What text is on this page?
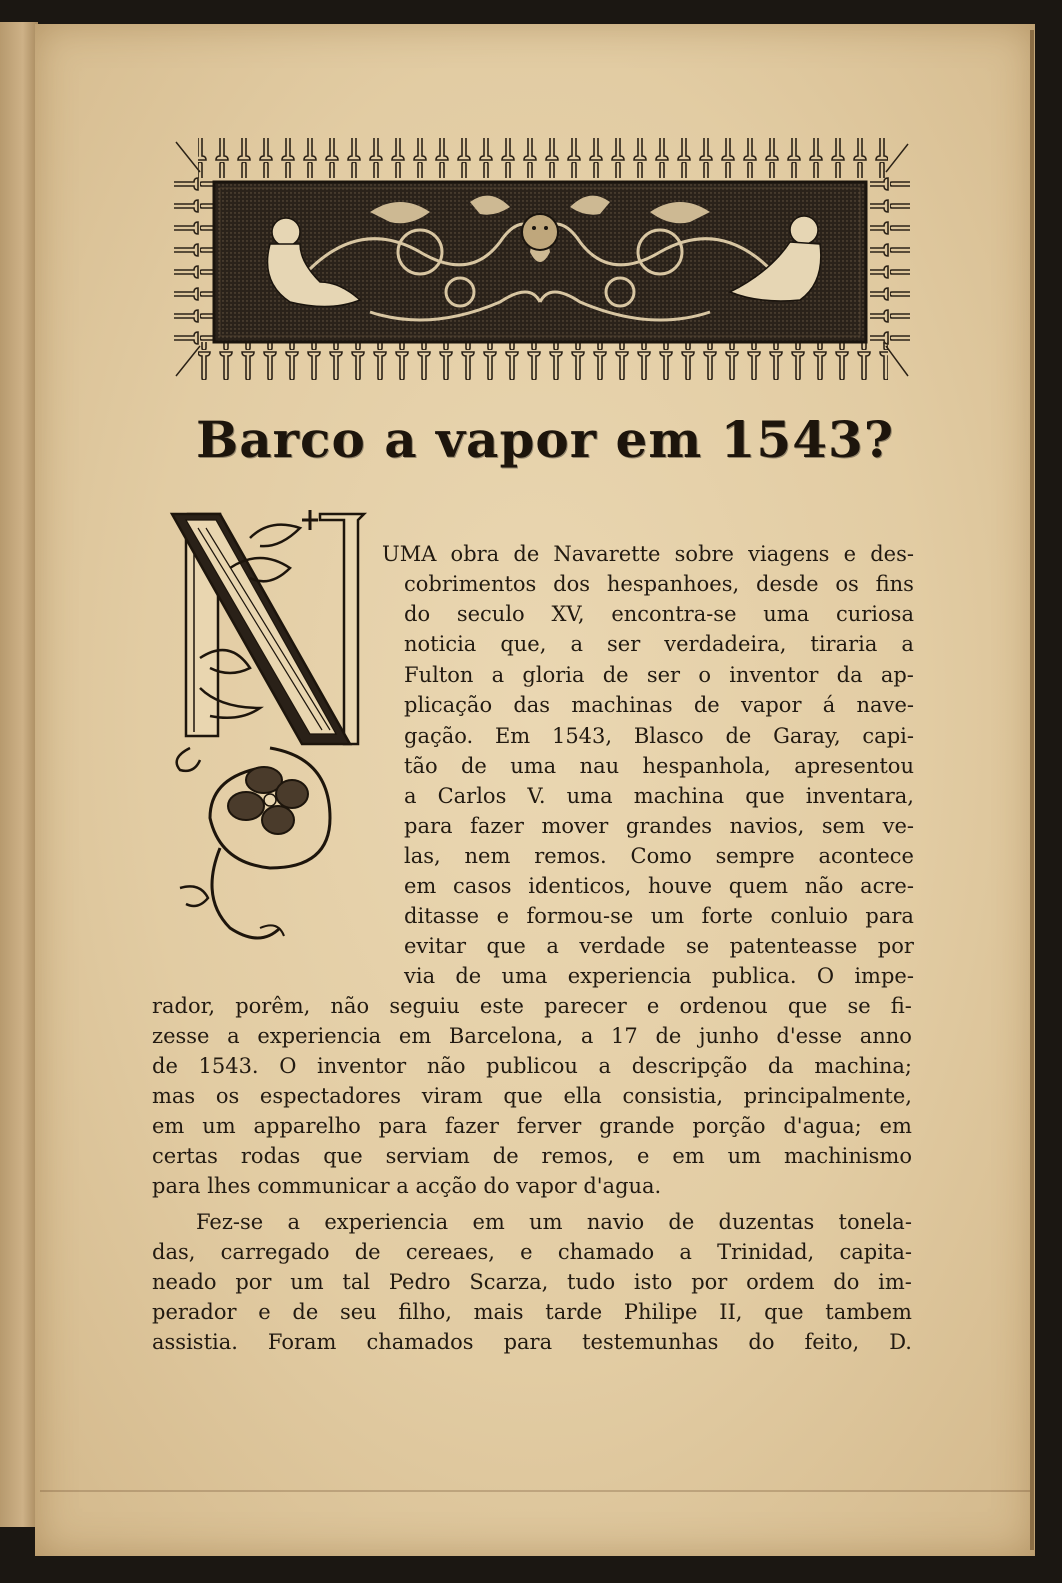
Barco a vapor em 1543?
UMA obra de Navarette sobre viagens e des-
cobrimentos dos hespanhoes, desde os fins
do seculo XV, encontra-se uma curiosa
noticia que, a ser verdadeira, tiraria a
Fulton a gloria de ser o inventor da ap-
plicação das machinas de vapor á nave-
gação. Em 1543, Blasco de Garay, capi-
tão de uma nau hespanhola, apresentou
a Carlos V. uma machina que inventara,
para fazer mover grandes navios, sem ve-
las, nem remos. Como sempre acontece
em casos identicos, houve quem não acre-
ditasse e formou-se um forte conluio para
evitar que a verdade se patenteasse por
via de uma experiencia publica. O impe-
rador, porêm, não seguiu este parecer e ordenou que se fi-
zesse a experiencia em Barcelona, a 17 de junho d'esse anno
de 1543. O inventor não publicou a descripção da machina;
mas os espectadores viram que ella consistia, principalmente,
em um apparelho para fazer ferver grande porção d'agua; em
certas rodas que serviam de remos, e em um machinismo
para lhes communicar a acção do vapor d'agua.
Fez-se a experiencia em um navio de duzentas tonela-
das, carregado de cereaes, e chamado a Trinidad, capita-
neado por um tal Pedro Scarza, tudo isto por ordem do im-
perador e de seu filho, mais tarde Philipe II, que tambem
assistia. Foram chamados para testemunhas do feito, D.
